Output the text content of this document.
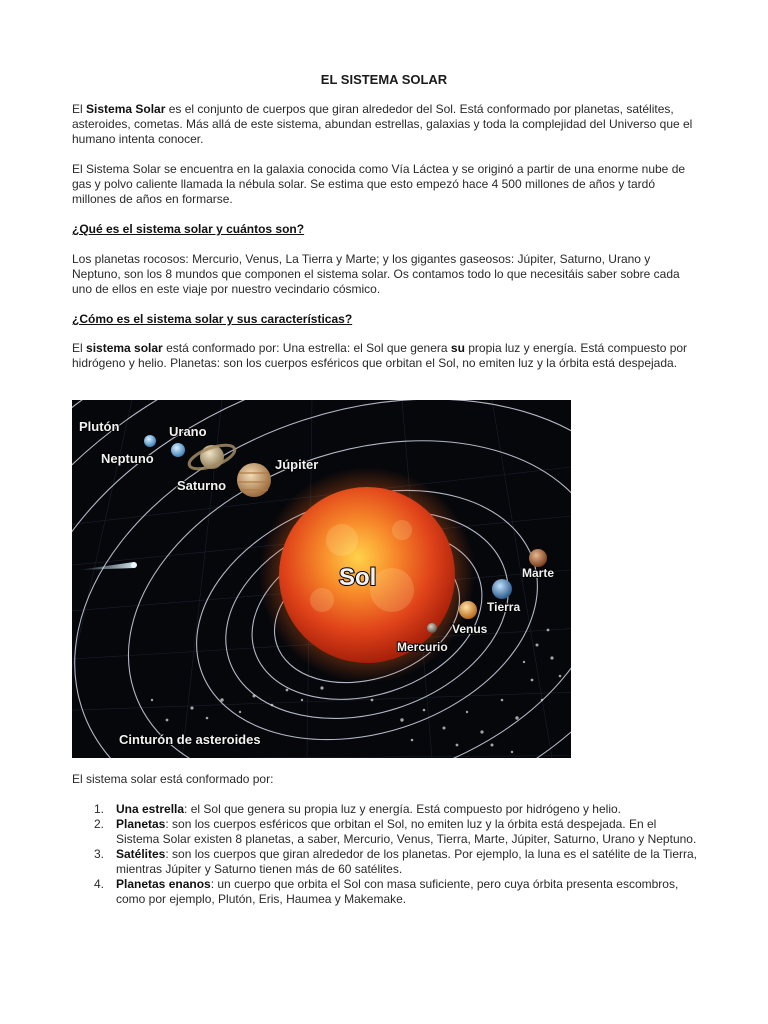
EL SISTEMA SOLAR
El Sistema Solar es el conjunto de cuerpos que giran alrededor del Sol. Está conformado por planetas, satélites, asteroides, cometas. Más allá de este sistema, abundan estrellas, galaxias y toda la complejidad del Universo que el humano intenta conocer.
El Sistema Solar se encuentra en la galaxia conocida como Vía Láctea y se originó a partir de una enorme nube de gas y polvo caliente llamada la nébula solar. Se estima que esto empezó hace 4 500 millones de años y tardó millones de años en formarse.
¿Qué es el sistema solar y cuántos son?
Los planetas rocosos: Mercurio, Venus, La Tierra y Marte; y los gigantes gaseosos: Júpiter, Saturno, Urano y Neptuno, son los 8 mundos que componen el sistema solar. Os contamos todo lo que necesitáis saber sobre cada uno de ellos en este viaje por nuestro vecindario cósmico.
¿Cómo es el sistema solar y sus características?
El sistema solar está conformado por: Una estrella: el Sol que genera su propia luz y energía. Está compuesto por hidrógeno y helio. Planetas: son los cuerpos esféricos que orbitan el Sol, no emiten luz y la órbita está despejada.
Plutón	Urano
Neptuno	Júpiter
Saturno
Sol	Marte
Tierra
Venus
Mercurio
Cinturón de asteroides
El sistema solar está conformado por:
1. Una estrella: el Sol que genera su propia luz y energía. Está compuesto por hidrógeno y helio.
2. Planetas: son los cuerpos esféricos que orbitan el Sol, no emiten luz y la órbita está despejada. En el Sistema Solar existen 8 planetas, a saber, Mercurio, Venus, Tierra, Marte, Júpiter, Saturno, Urano y Neptuno.
3. Satélites: son los cuerpos que giran alrededor de los planetas. Por ejemplo, la luna es el satélite de la Tierra, mientras Júpiter y Saturno tienen más de 60 satélites.
4. Planetas enanos: un cuerpo que orbita el Sol con masa suficiente, pero cuya órbita presenta escombros, como por ejemplo, Plutón, Eris, Haumea y Makemake.
